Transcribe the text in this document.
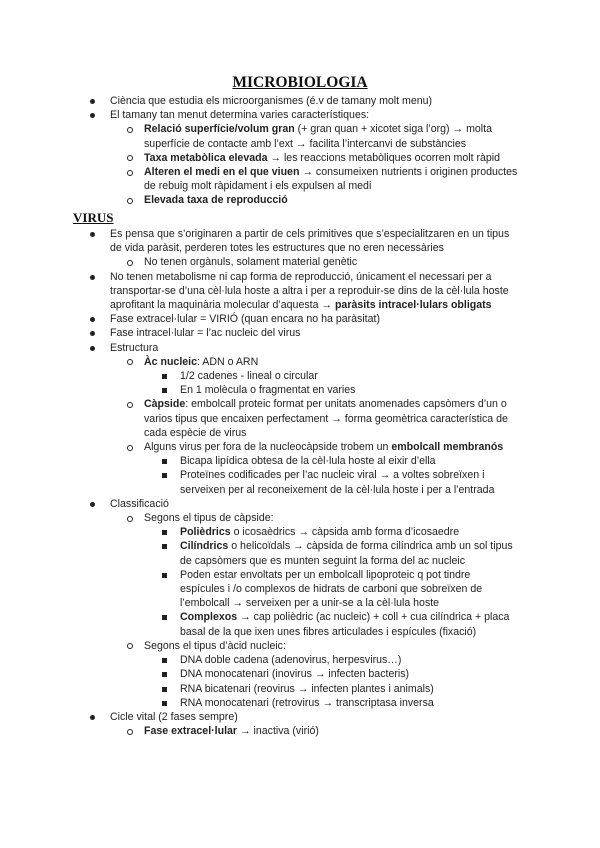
MICROBIOLOGIA
Ciència que estudia els microorganismes (é.v de tamany molt menu)
El tamany tan menut determina varies característiques:
Relació superfície/volum gran (+ gran quan + xicotet siga l’org) → molta superfície de contacte amb l’ext → facilita l’intercanvi de substàncies
Taxa metabòlica elevada → les reaccions metabòliques ocorren molt ràpid
Alteren el medi en el que viuen → consumeixen nutrients i originen productes de rebuig molt ràpidament i els expulsen al medi
Elevada taxa de reproducció
VIRUS
Es pensa que s’originaren a partir de cels primitives que s’especialitzaren en un tipus de vida paràsit, perderen totes les estructures que no eren necessàries
No tenen orgànuls, solament material genètic
No tenen metabolisme ni cap forma de reproducció, únicament el necessari per a transportar-se d’una cèl·lula hoste a altra i per a reproduir-se dins de la cèl·lula hoste aprofitant la maquinària molecular d’aquesta → paràsits intracel·lulars obligats
Fase extracel·lular = VIRIÓ (quan encara no ha paràsitat)
Fase intracel·lular = l’ac nucleic del virus
Estructura
Àc nucleic: ADN o ARN
1/2 cadenes - lineal o circular
En 1 molècula o fragmentat en varies
Càpside: embolcall proteic format per unitats anomenades capsòmers d’un o varios tipus que encaixen perfectament → forma geomètrica característica de cada espècie de virus
Alguns virus per fora de la nucleocàpside trobem un embolcall membranós
Bicapa lipídica obtesa de la cèl·lula hoste al eixir d’ella
Proteïnes codificades per l’ac nucleic viral → a voltes sobreïxen i serveixen per al reconeixement de la cèl·lula hoste i per a l’entrada
Classificació
Segons el tipus de càpside:
Polièdrics o icosaèdrics → càpsida amb forma d’icosaedre
Cilíndrics o helicoïdals → càpsida de forma cilíndrica amb un sol tipus de capsòmers que es munten seguint la forma del ac nucleic
Poden estar envoltats per un embolcall lipoproteic q pot tindre espícules i /o complexos de hidrats de carboni que sobreïxen de l’embolcall → serveixen per a unir-se a la cèl·lula hoste
Complexos → cap polièdric (ac nucleic) + coll + cua cilíndrica + placa basal de la que ixen unes fibres articulades i espícules (fixació)
Segons el tipus d’àcid nucleic:
DNA doble cadena (adenovirus, herpesvirus…)
DNA monocatenari (inovirus → infecten bacteris)
RNA bicatenari (reovirus → infecten plantes i animals)
RNA monocatenari (retrovirus → transcriptasa inversa
Cicle vital (2 fases sempre)
Fase extracel·lular → inactiva (virió)
